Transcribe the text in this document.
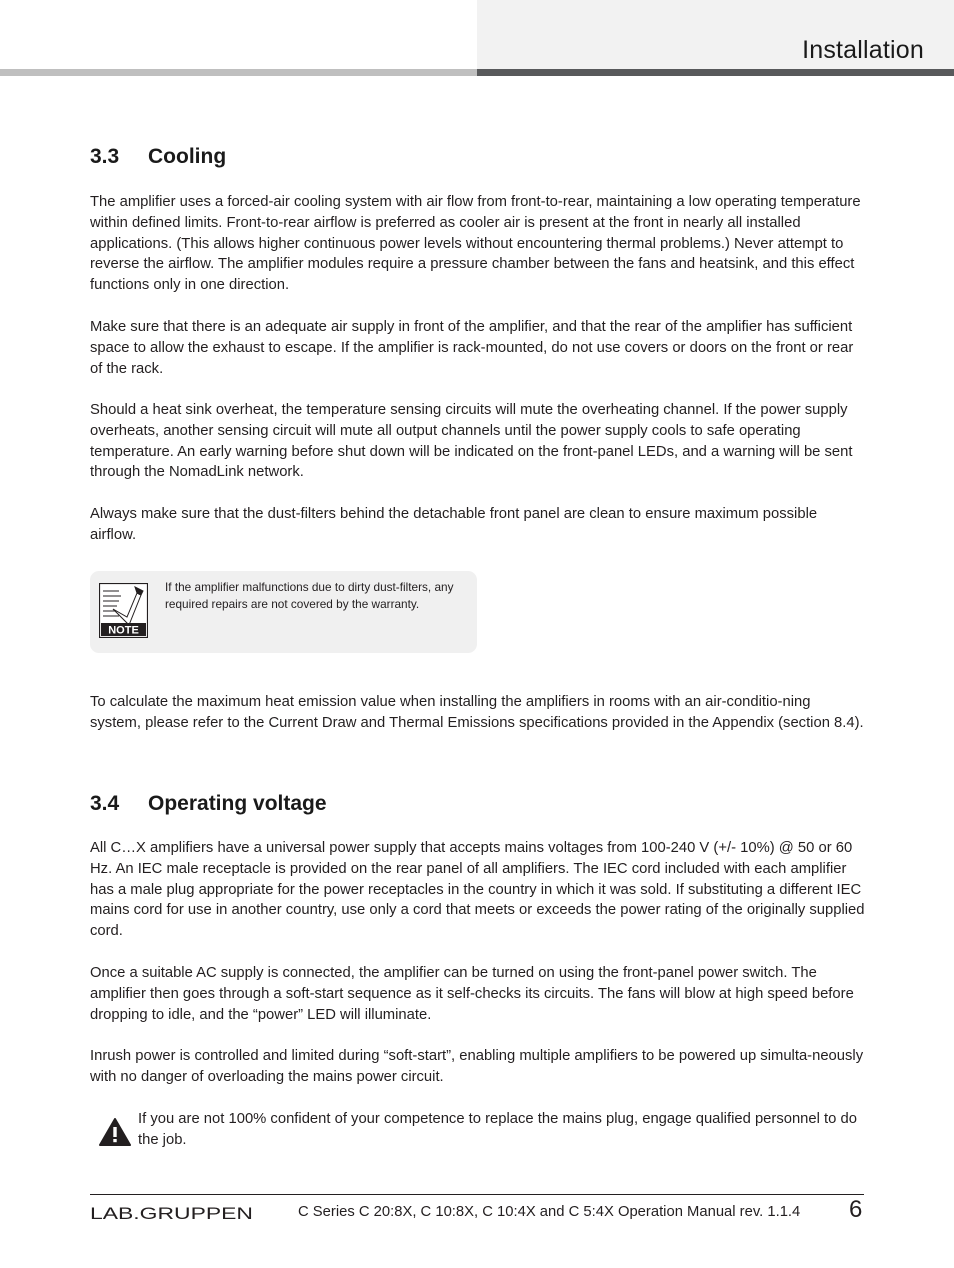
Installation
3.3 Cooling

The amplifier uses a forced-air cooling system with air flow from front-to-rear, maintaining a low operating temperature within defined limits. Front-to-rear airflow is preferred as cooler air is present at the front in nearly all installed applications. (This allows higher continuous power levels without encountering thermal problems.) Never attempt to reverse the airflow. The amplifier modules require a pressure chamber between the fans and heatsink, and this effect functions only in one direction.

Make sure that there is an adequate air supply in front of the amplifier, and that the rear of the amplifier has sufficient space to allow the exhaust to escape. If the amplifier is rack-mounted, do not use covers or doors on the front or rear of the rack.

Should a heat sink overheat, the temperature sensing circuits will mute the overheating channel. If the power supply overheats, another sensing circuit will mute all output channels until the power supply cools to safe operating temperature. An early warning before shut down will be indicated on the front-panel LEDs, and a warning will be sent through the NomadLink network.

Always make sure that the dust-filters behind the detachable front panel are clean to ensure maximum possible airflow.

NOTE
If the amplifier malfunctions due to dirty dust-filters, any required repairs are not covered by the warranty.

To calculate the maximum heat emission value when installing the amplifiers in rooms with an air-conditio-ning system, please refer to the Current Draw and Thermal Emissions specifications provided in the Appendix (section 8.4).

3.4 Operating voltage

All C…X amplifiers have a universal power supply that accepts mains voltages from 100-240 V (+/- 10%) @ 50 or 60 Hz. An IEC male receptacle is provided on the rear panel of all amplifiers. The IEC cord included with each amplifier has a male plug appropriate for the power receptacles in the country in which it was sold. If substituting a different IEC mains cord for use in another country, use only a cord that meets or exceeds the power rating of the originally supplied cord.

Once a suitable AC supply is connected, the amplifier can be turned on using the front-panel power switch. The amplifier then goes through a soft-start sequence as it self-checks its circuits. The fans will blow at high speed before dropping to idle, and the “power” LED will illuminate.

Inrush power is controlled and limited during “soft-start”, enabling multiple amplifiers to be powered up simulta-neously with no danger of overloading the mains power circuit.

If you are not 100% confident of your competence to replace the mains plug, engage qualified personnel to do the job.
LAB.GRUPPEN	C Series C 20:8X, C 10:8X, C 10:4X and C 5:4X Operation Manual rev. 1.1.4 6
